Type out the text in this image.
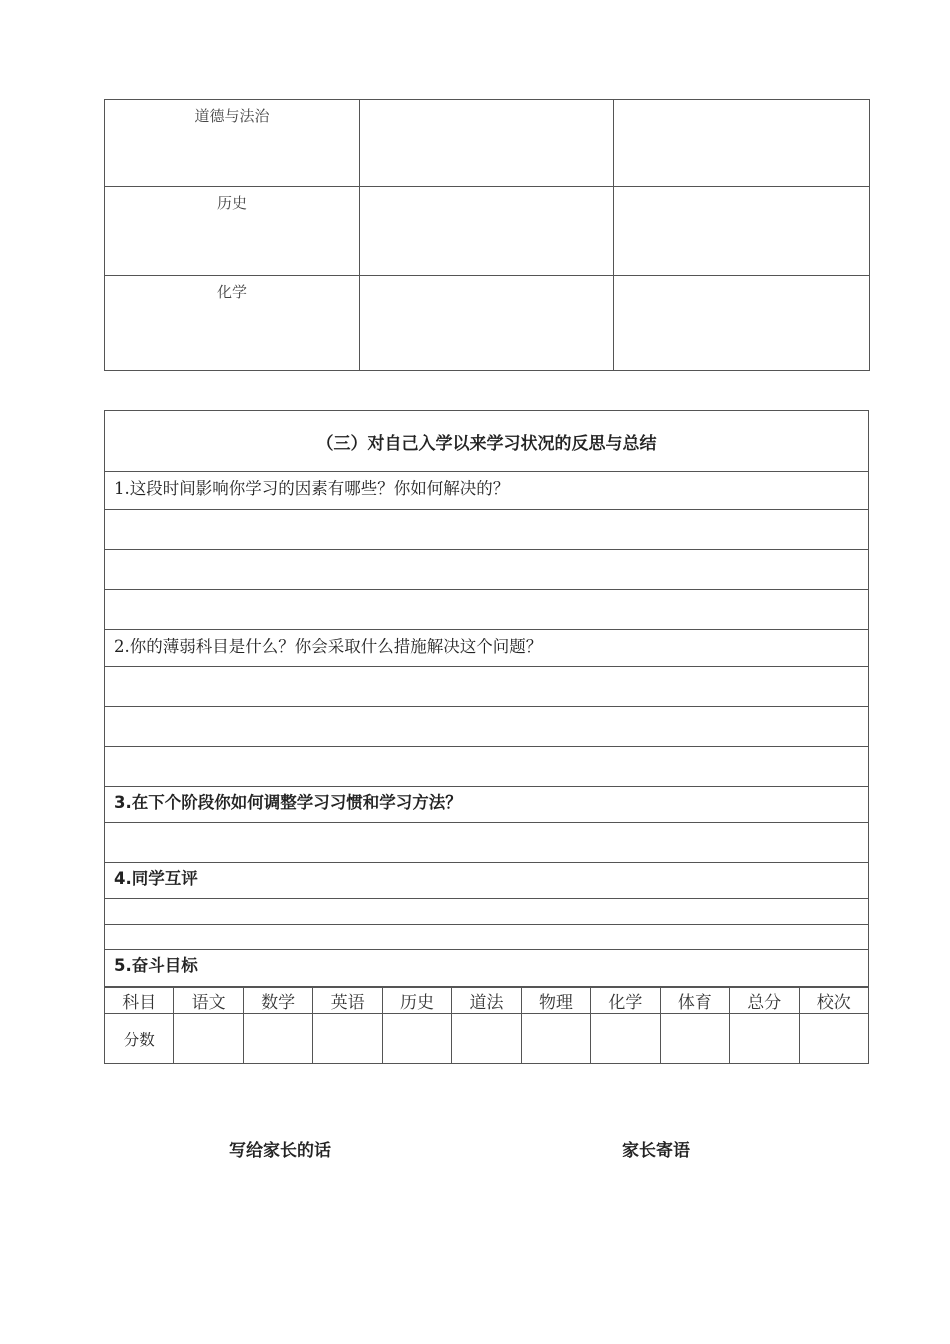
道德与法治		
历史		
化学		
（三）对自己入学以来学习状况的反思与总结
1.这段时间影响你学习的因素有哪些？你如何解决的？

2.你的薄弱科目是什么？你会采取什么措施解决这个问题？

3.在下个阶段你如何调整学习习惯和学习方法？

4.同学互评

5.奋斗目标
科目	语文	数学	英语	历史	道法	物理	化学	体育	总分	校次
分数										
写给家长的话	家长寄语
